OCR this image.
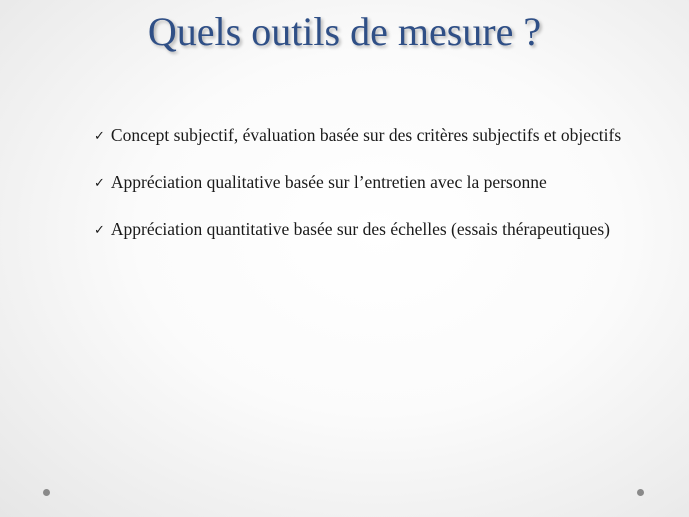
Quels outils de mesure ?
✓ Concept subjectif, évaluation basée sur des critères subjectifs et objectifs
✓ Appréciation qualitative basée sur l’entretien avec la personne
✓ Appréciation quantitative basée sur des échelles (essais thérapeutiques)
